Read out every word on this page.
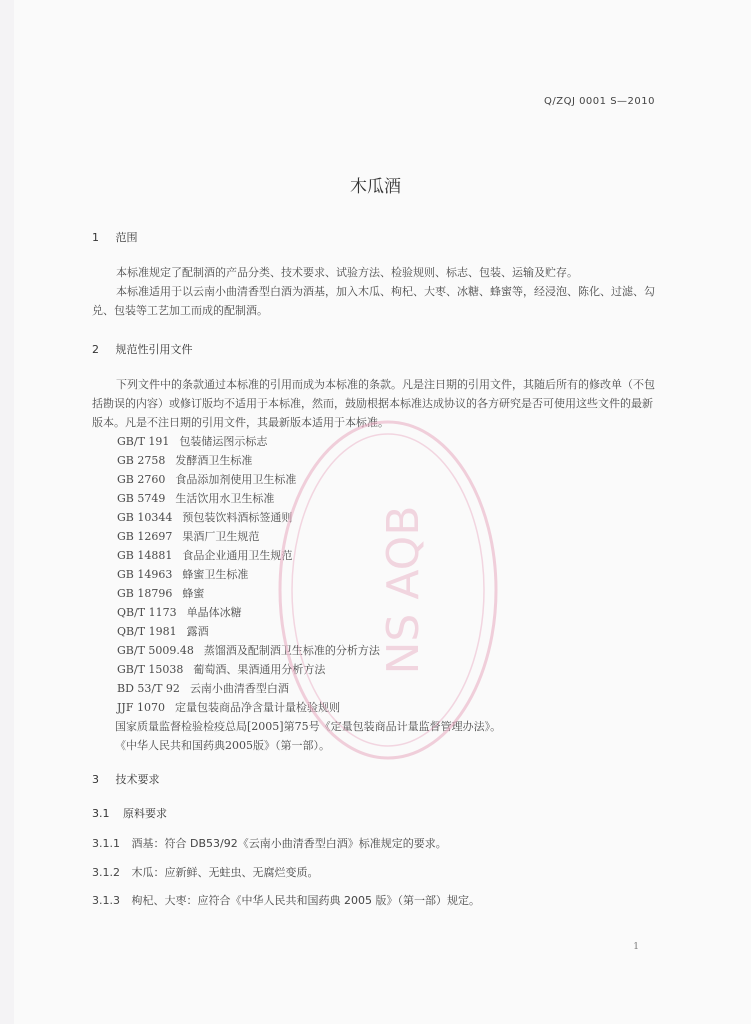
Q/ZQJ 0001 S—2010
木瓜酒
1 范围

本标准规定了配制酒的产品分类、技术要求、试验方法、检验规则、标志、包装、运输及贮存。

本标准适用于以云南小曲清香型白酒为酒基，加入木瓜、枸杞、大枣、冰糖、蜂蜜等，经浸泡、陈化、过滤、勾兑、包装等工艺加工而成的配制酒。

2 规范性引用文件

下列文件中的条款通过本标准的引用而成为本标准的条款。凡是注日期的引用文件，其随后所有的修改单（不包括勘误的内容）或修订版均不适用于本标准，然而，鼓励根据本标准达成协议的各方研究是否可使用这些文件的最新版本。凡是不注日期的引用文件，其最新版本适用于本标准。

GB/T 191 包装储运图示标志
GB 2758 发酵酒卫生标准
GB 2760 食品添加剂使用卫生标准
GB 5749 生活饮用水卫生标准
GB 10344 预包装饮料酒标签通则
GB 12697 果酒厂卫生规范
GB 14881 食品企业通用卫生规范
GB 14963 蜂蜜卫生标准
GB 18796 蜂蜜
QB/T 1173 单晶体冰糖
QB/T 1981 露酒
GB/T 5009.48 蒸馏酒及配制酒卫生标准的分析方法
GB/T 15038 葡萄酒、果酒通用分析方法
BD 53/T 92 云南小曲清香型白酒
JJF 1070 定量包装商品净含量计量检验规则
国家质量监督检验检疫总局[2005]第75号《定量包装商品计量监督管理办法》。
《中华人民共和国药典2005版》（第一部）。
NS AQB
3 技术要求
3.1 原料要求
3.1.1 酒基：符合 DB53/92《云南小曲清香型白酒》标准规定的要求。
3.1.2 木瓜：应新鲜、无蛀虫、无腐烂变质。
3.1.3 枸杞、大枣：应符合《中华人民共和国药典 2005 版》（第一部）规定。
1
